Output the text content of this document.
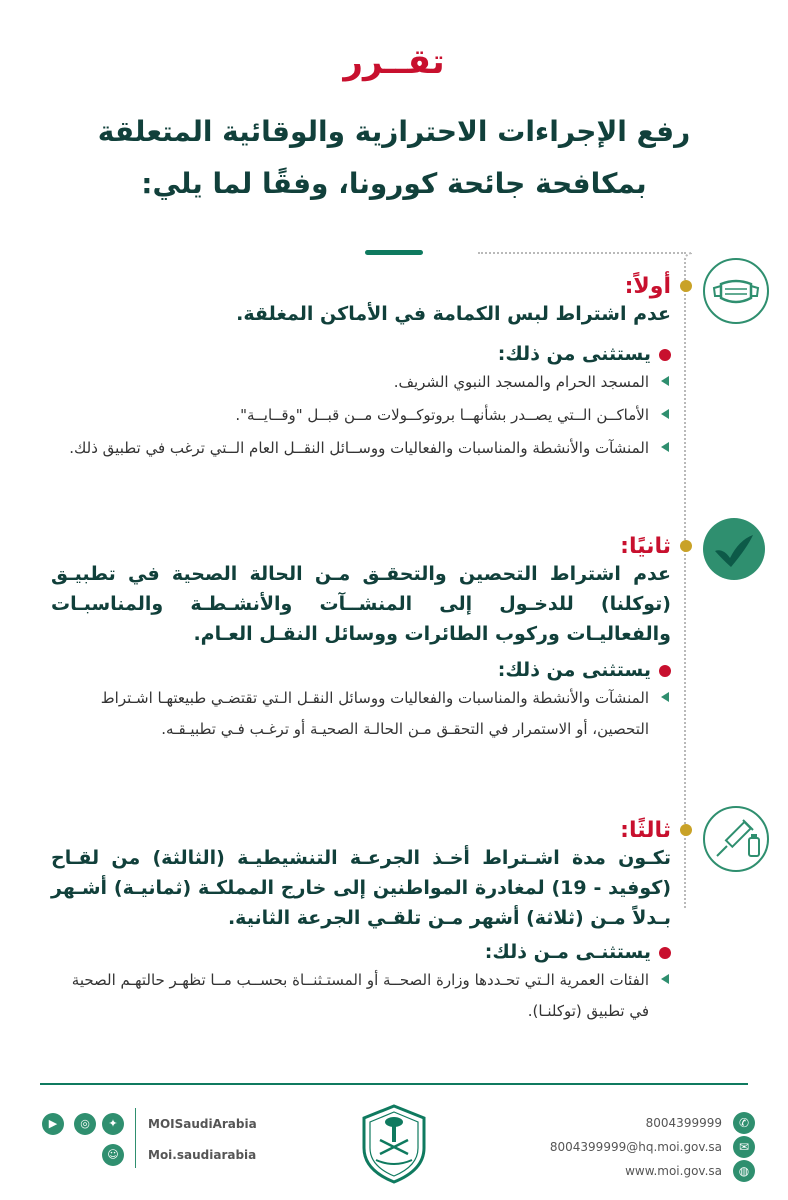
تقــرر
رفع الإجراءات الاحترازية والوقائية المتعلقة
بمكافحة جائحة كورونا، وفقًا لما يلي:
أولاً:
عدم اشتراط لبس الكمامة في الأماكن المغلقة.
يستثنى من ذلك:
المسجد الحرام والمسجد النبوي الشريف.
الأماكــن الــتي يصــدر بشأنهــا بروتوكــولات مــن قبــل "وقــايــة".
المنشآت والأنشطة والمناسبات والفعاليات ووســائل النقــل العام الــتي ترغب في تطبيق ذلك.
ثانيًا:
عدم اشتراط التحصين والتحقـق مـن الحالة الصحية في تطبيـق (توكلنا) للدخـول إلى المنشــآت والأنشـطـة والمناسبـات والفعاليـات وركوب الطائرات ووسائل النقـل العـام.
يستثنى من ذلك:
المنشآت والأنشطة والمناسبات والفعاليات ووسائل النقـل الـتي تقتضـي طبيعتهـا اشـتراط التحصين، أو الاستمرار في التحقـق مـن الحالـة الصحيـة أو ترغـب فـي تطبيـقـه.
ثالثًا:
تكـون مدة اشـتراط أخـذ الجرعـة التنشيطيـة (الثالثة) من لقـاح (كوفيد - 19) لمغادرة المواطنين إلى خارج المملكـة (ثمانيـة) أشـهر بـدلاً مـن (ثلاثة) أشهر مـن تلقـي الجرعة الثانية.
يستثنـى مـن ذلك:
الفئات العمرية الـتي تحـددها وزارة الصحــة أو المستـثنــاة بحســب مــا تظهـر حالتهـم الصحية في تطبيق (توكلنـا).
▶	◎	✦
☺
MOISaudiArabia
Moi.saudiarabia
✆
✉
◍
8004399999
8004399999@hq.moi.gov.sa
www.moi.gov.sa
